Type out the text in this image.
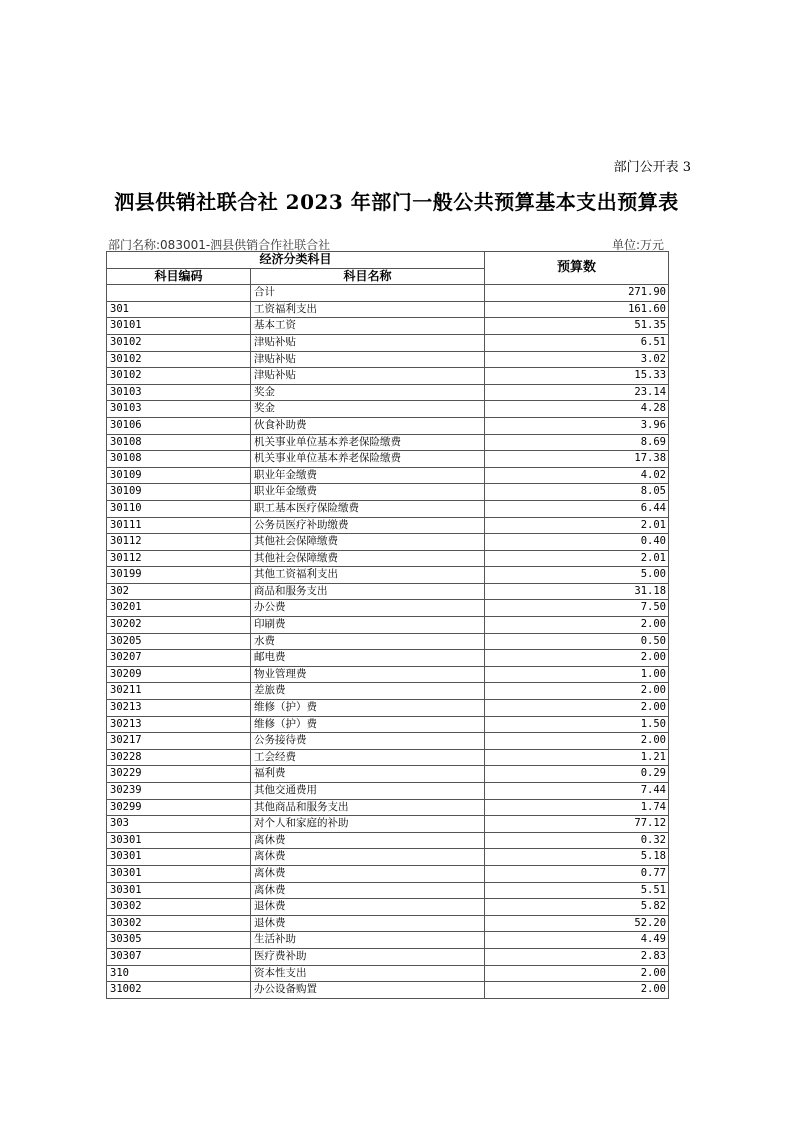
部门公开表 3
泗县供销社联合社 2023 年部门一般公共预算基本支出预算表
部门名称:083001-泗县供销合作社联合社	单位:万元
经济分类科目		预算数
科目编码	科目名称	
	合计	271.90
301	工资福利支出	161.60
30101	基本工资	51.35
30102	津贴补贴	6.51
30102	津贴补贴	3.02
30102	津贴补贴	15.33
30103	奖金	23.14
30103	奖金	4.28
30106	伙食补助费	3.96
30108	机关事业单位基本养老保险缴费	8.69
30108	机关事业单位基本养老保险缴费	17.38
30109	职业年金缴费	4.02
30109	职业年金缴费	8.05
30110	职工基本医疗保险缴费	6.44
30111	公务员医疗补助缴费	2.01
30112	其他社会保障缴费	0.40
30112	其他社会保障缴费	2.01
30199	其他工资福利支出	5.00
302	商品和服务支出	31.18
30201	办公费	7.50
30202	印刷费	2.00
30205	水费	0.50
30207	邮电费	2.00
30209	物业管理费	1.00
30211	差旅费	2.00
30213	维修（护）费	2.00
30213	维修（护）费	1.50
30217	公务接待费	2.00
30228	工会经费	1.21
30229	福利费	0.29
30239	其他交通费用	7.44
30299	其他商品和服务支出	1.74
303	对个人和家庭的补助	77.12
30301	离休费	0.32
30301	离休费	5.18
30301	离休费	0.77
30301	离休费	5.51
30302	退休费	5.82
30302	退休费	52.20
30305	生活补助	4.49
30307	医疗费补助	2.83
310	资本性支出	2.00
31002	办公设备购置	2.00
